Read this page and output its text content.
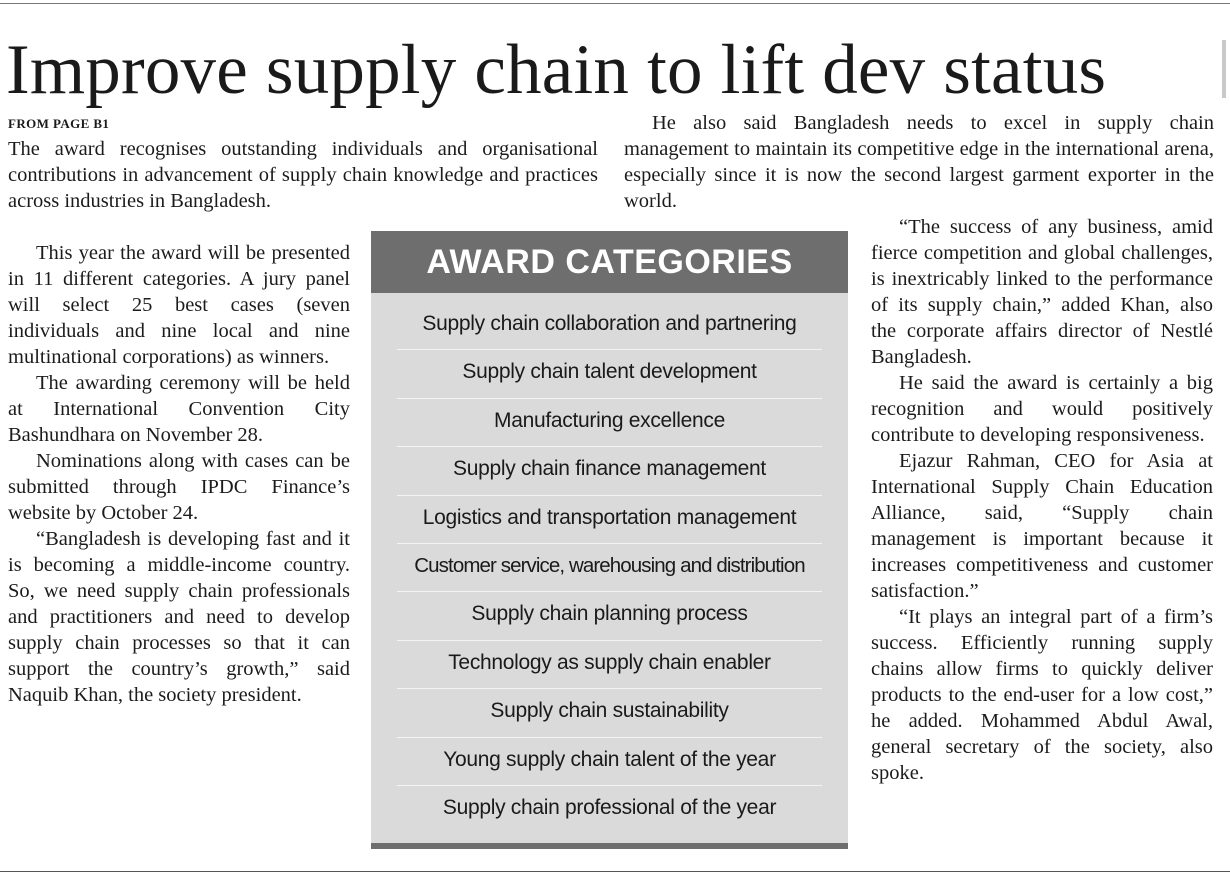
Improve supply chain to lift dev status
FROM PAGE B1

The award recognises outstanding individuals and organisational contributions in advancement of supply chain knowledge and practices across industries in Bangladesh.

This year the award will be presented in 11 different categories. A jury panel will select 25 best cases (seven individuals and nine local and nine multinational corporations) as winners.

The awarding ceremony will be held at International Convention City Bashundhara on November 28.

Nominations along with cases can be submitted through IPDC Finance’s website by October 24.

“Bangladesh is developing fast and it is becoming a middle-income country. So, we need supply chain professionals and practitioners and need to develop supply chain processes so that it can support the country’s growth,” said Naquib Khan, the society president.

He also said Bangladesh needs to excel in supply chain management to maintain its competitive edge in the international arena, especially since it is now the second largest garment exporter in the world.

AWARD CATEGORIES
Supply chain collaboration and partnering
Supply chain talent development
Manufacturing excellence
Supply chain finance management
Logistics and transportation management
Customer service, warehousing and distribution
Supply chain planning process
Technology as supply chain enabler
Supply chain sustainability
Young supply chain talent of the year
Supply chain professional of the year

“The success of any business, amid fierce competition and global challenges, is inextricably linked to the performance of its supply chain,” added Khan, also the corporate affairs director of Nestlé Bangladesh.

He said the award is certainly a big recognition and would positively contribute to developing responsiveness.

Ejazur Rahman, CEO for Asia at International Supply Chain Education Alliance, said, “Supply chain management is important because it increases competitiveness and customer satisfaction.”

“It plays an integral part of a firm’s success. Efficiently running supply chains allow firms to quickly deliver products to the end-user for a low cost,” he added. Mohammed Abdul Awal, general secretary of the society, also spoke.
